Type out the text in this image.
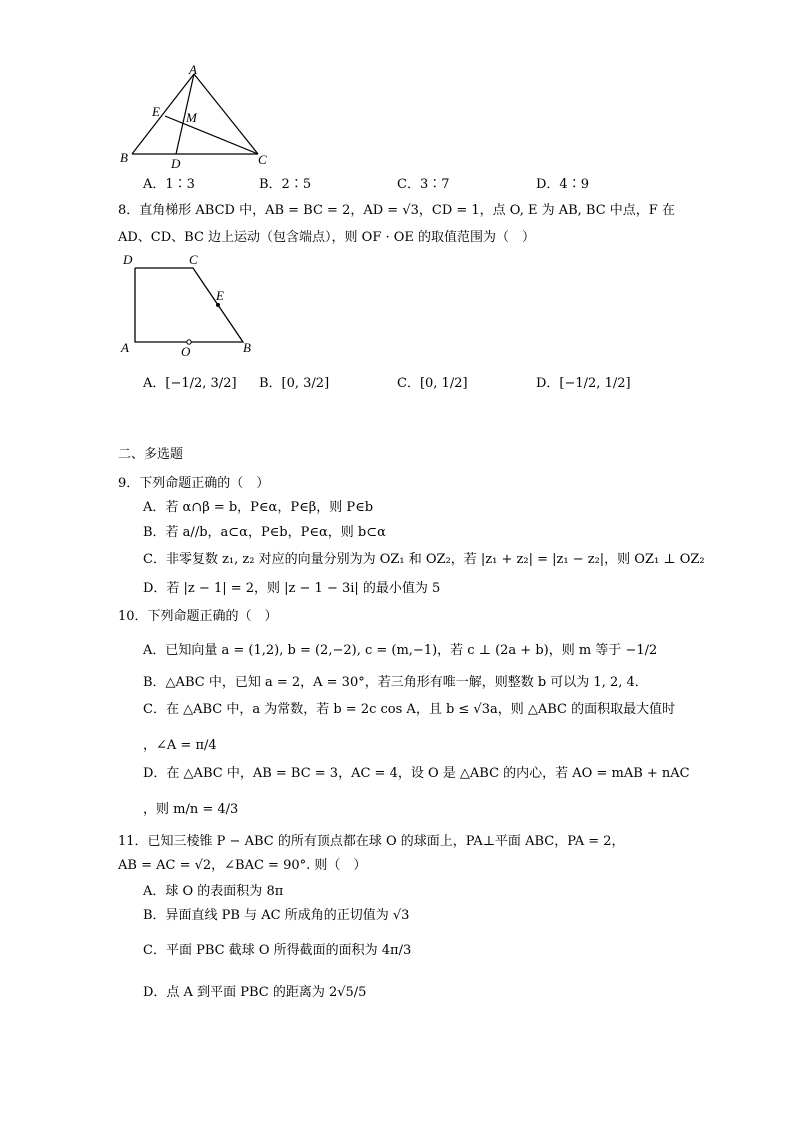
A
E M
B	D	C
A．1∶3	B．2∶5	C．3∶7	D．4∶9
8．直角梯形 ABCD 中，AB = BC = 2，AD = √3，CD = 1，点 O, E 为 AB, BC 中点，F 在
AD、CD、BC 边上运动（包含端点），则 OF · OE 的取值范围为（　）
D	C
E
A	O	B
A．[−1/2, 3/2] B．[0, 3/2]	C．[0, 1/2]	D．[−1/2, 1/2]
二、多选题
9．下列命题正确的（　）
A．若 α∩β = b，P∈α，P∈β，则 P∈b
B．若 a//b，a⊂α，P∈b，P∈α，则 b⊂α
C．非零复数 z₁, z₂ 对应的向量分别为为 OZ₁ 和 OZ₂，若 |z₁ + z₂| = |z₁ − z₂|，则 OZ₁ ⊥ OZ₂
D．若 |z − 1| = 2，则 |z − 1 − 3i| 的最小值为 5
10．下列命题正确的（　）
A．已知向量 a = (1,2), b = (2,−2), c = (m,−1)，若 c ⊥ (2a + b)，则 m 等于 −1/2
B．△ABC 中，已知 a = 2，A = 30°，若三角形有唯一解，则整数 b 可以为 1, 2, 4．
C．在 △ABC 中，a 为常数，若 b = 2c cos A，且 b ≤ √3a，则 △ABC 的面积取最大值时
，∠A = π/4
D．在 △ABC 中，AB = BC = 3，AC = 4，设 O 是 △ABC 的内心，若 AO = mAB + nAC
，则 m/n = 4/3
11．已知三棱锥 P − ABC 的所有顶点都在球 O 的球面上，PA⊥平面 ABC，PA = 2，
AB = AC = √2，∠BAC = 90°. 则（　）
A．球 O 的表面积为 8π
B．异面直线 PB 与 AC 所成角的正切值为 √3
C．平面 PBC 截球 O 所得截面的面积为 4π/3
D．点 A 到平面 PBC 的距离为 2√5/5
